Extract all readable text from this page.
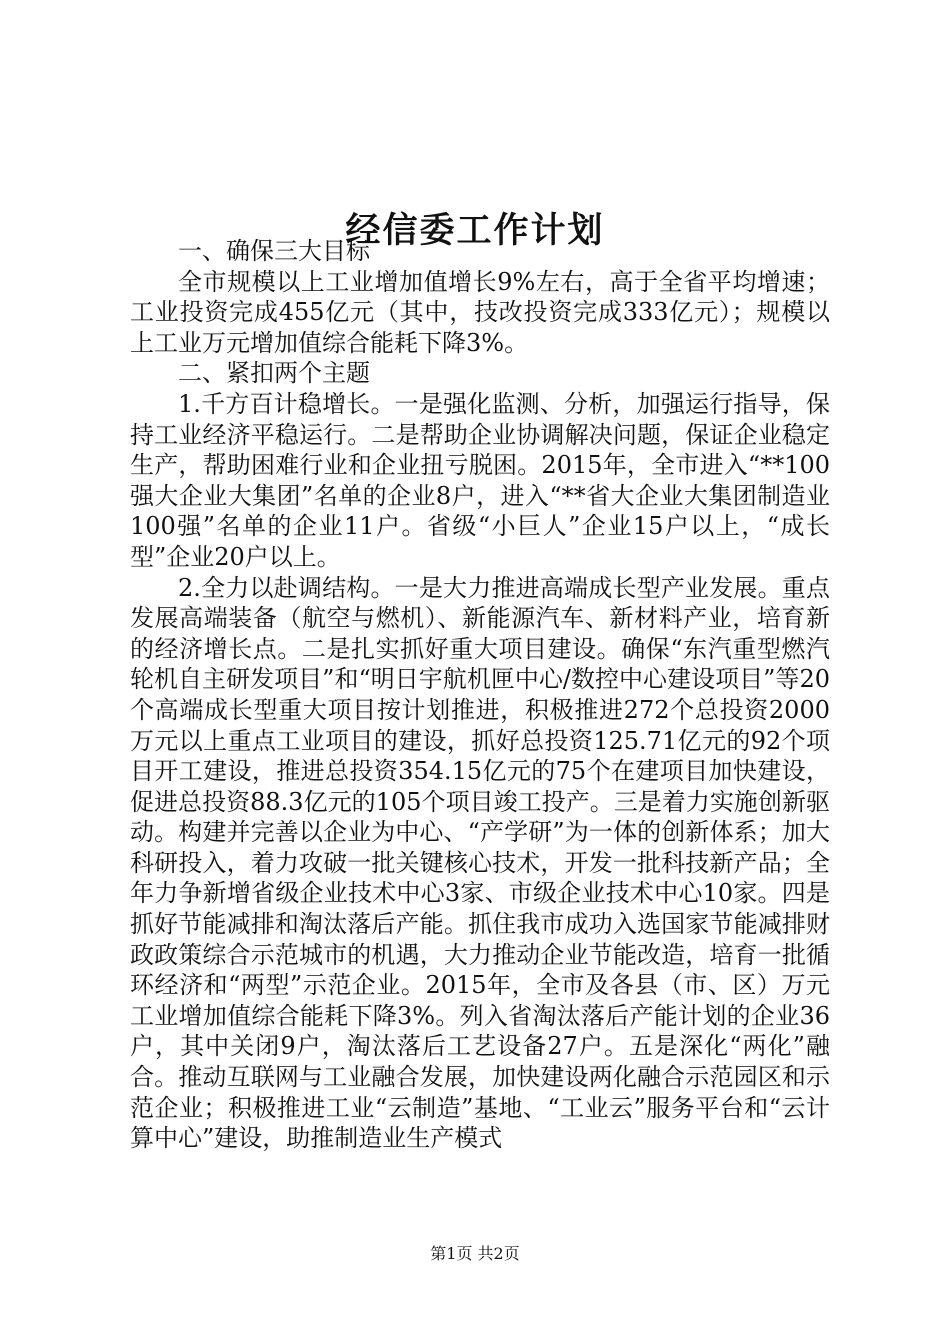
经信委工作计划

一、确保三大目标

全市规模以上工业增加值增长9%左右，高于全省平均增速；工业投资完成455亿元（其中，技改投资完成333亿元）；规模以上工业万元增加值综合能耗下降3%。

二、紧扣两个主题

1.千方百计稳增长。一是强化监测、分析，加强运行指导，保持工业经济平稳运行。二是帮助企业协调解决问题，保证企业稳定生产，帮助困难行业和企业扭亏脱困。2015年，全市进入“**100强大企业大集团”名单的企业8户，进入“**省大企业大集团制造业100强”名单的企业11户。省级“小巨人”企业15户以上，“成长型”企业20户以上。

2.全力以赴调结构。一是大力推进高端成长型产业发展。重点发展高端装备（航空与燃机）、新能源汽车、新材料产业，培育新的经济增长点。二是扎实抓好重大项目建设。确保“东汽重型燃汽轮机自主研发项目”和“明日宇航机匣中心/数控中心建设项目”等20个高端成长型重大项目按计划推进，积极推进272个总投资2000万元以上重点工业项目的建设，抓好总投资125.71亿元的92个项目开工建设，推进总投资354.15亿元的75个在建项目加快建设，促进总投资88.3亿元的105个项目竣工投产。三是着力实施创新驱动。构建并完善以企业为中心、“产学研”为一体的创新体系；加大科研投入，着力攻破一批关键核心技术，开发一批科技新产品；全年力争新增省级企业技术中心3家、市级企业技术中心10家。四是抓好节能减排和淘汰落后产能。抓住我市成功入选国家节能减排财政政策综合示范城市的机遇，大力推动企业节能改造，培育一批循环经济和“两型”示范企业。2015年，全市及各县（市、区）万元工业增加值综合能耗下降3%。列入省淘汰落后产能计划的企业36户，其中关闭9户，淘汰落后工艺设备27户。五是深化“两化”融合。推动互联网与工业融合发展，加快建设两化融合示范园区和示范企业；积极推进工业“云制造”基地、“工业云”服务平台和“云计算中心”建设，助推制造业生产模式

第1页 共2页
